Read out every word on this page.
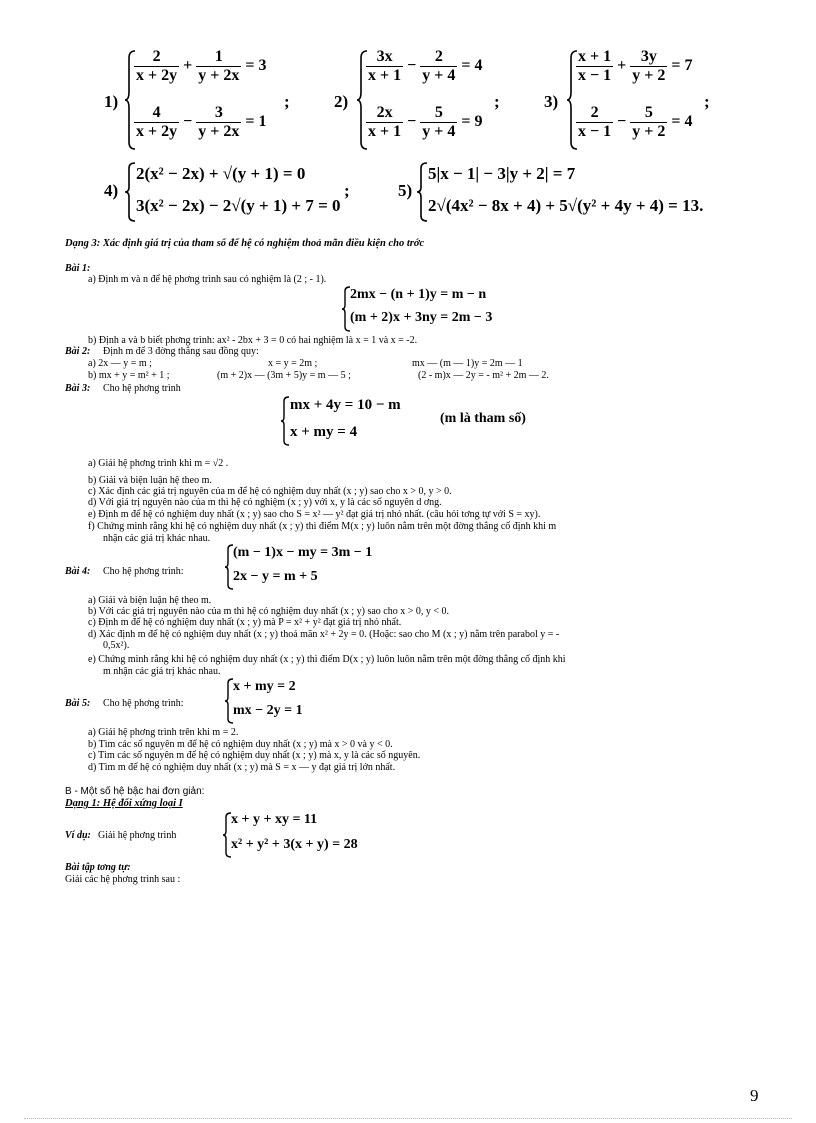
1)
$\frac{2}{x + 2y} + \frac{1}{y + 2x} = 3$
$\frac{4}{x + 2y} - \frac{3}{y + 2x} = 1$
;	2)
$\frac{3x}{x + 1} - \frac{2}{y + 4} = 4$
$\frac{2x}{x + 1} - \frac{5}{y + 4} = 9$
;	3)
$\frac{x + 1}{x - 1} + \frac{3y}{y + 2} = 7$
$\frac{2}{x - 1} - \frac{5}{y + 2} = 4$
;
4)
2(x² − 2x) + √(y + 1) = 0
3(x² − 2x) − 2√(y + 1) + 7 = 0
;	5)
5|x − 1| − 3|y + 2| = 7
2√(4x² − 8x + 4) + 5√(y² + 4y + 4) = 13.
Dạng 3: Xác định giá trị của tham số để hệ có nghiệm thoả mãn điều kiện cho trớc
Bài 1:
a) Định m và n để hệ phơng trình sau có nghiệm là (2 ; - 1).
2mx − (n + 1)y = m − n
(m + 2)x + 3ny = 2m − 3
b) Định a và b biết phơng trình: ax² - 2bx + 3 = 0 có hai nghiệm là x = 1 và x = -2.
Bài 2: Định m để 3 đờng thẳng sau đồng quy:
a) 2x — y = m ;	x = y = 2m ;	mx — (m — 1)y = 2m — 1
b) mx + y = m² + 1 ;	(m + 2)x — (3m + 5)y = m — 5 ;	(2 - m)x — 2y = - m² + 2m — 2.
Bài 3: Cho hệ phơng trình
mx + 4y = 10 − m
x + my = 4
(m là tham số)
a) Giải hệ phơng trình khi m = √2 .
b) Giải và biện luận hệ theo m.
c) Xác định các giá trị nguyên của m để hệ có nghiệm duy nhất (x ; y) sao cho x > 0, y > 0.
d) Với giá trị nguyên nào của m thì hệ có nghiệm (x ; y) với x, y là các số nguyên d ơng.
e) Định m để hệ có nghiệm duy nhất (x ; y) sao cho S = x² — y² đạt giá trị nhỏ nhất. (câu hỏi tơng tự với S = xy).
f) Chứng minh rằng khi hệ có nghiệm duy nhất (x ; y) thì điểm M(x ; y) luôn nằm trên một đờng thẳng cố định khi m
nhận các giá trị khác nhau.
Bài 4: Cho hệ phơng trình:
(m − 1)x − my = 3m − 1
2x − y = m + 5
a) Giải và biện luận hệ theo m.
b) Với các giá trị nguyên nào của m thì hệ có nghiệm duy nhất (x ; y) sao cho x > 0, y < 0.
c) Định m để hệ có nghiệm duy nhất (x ; y) mà P = x² + y² đạt giá trị nhỏ nhất.
d) Xác định m để hệ có nghiệm duy nhất (x ; y) thoả mãn x² + 2y = 0. (Hoặc: sao cho M (x ; y) nằm trên parabol y = -
0,5x²).
e) Chứng minh rằng khi hệ có nghiệm duy nhất (x ; y) thì điểm D(x ; y) luôn luôn nằm trên một đờng thẳng cố định khi
m nhận các giá trị khác nhau.
Bài 5: Cho hệ phơng trình:
x + my = 2
mx − 2y = 1
a) Giải hệ phơng trình trên khi m = 2.
b) Tìm các số nguyên m để hệ có nghiệm duy nhất (x ; y) mà x > 0 và y < 0.
c) Tìm các số nguyên m để hệ có nghiệm duy nhất (x ; y) mà x, y là các số nguyên.
d) Tìm m để hệ có nghiệm duy nhất (x ; y) mà S = x — y đạt giá trị lớn nhất.
B - Một số hệ bậc hai đơn giản:
Dạng 1: Hệ đối xứng loại I
Ví dụ: Giải hệ phơng trình
x + y + xy = 11
x² + y² + 3(x + y) = 28
Bài tập tơng tự:
Giải các hệ phơng trình sau :
9
